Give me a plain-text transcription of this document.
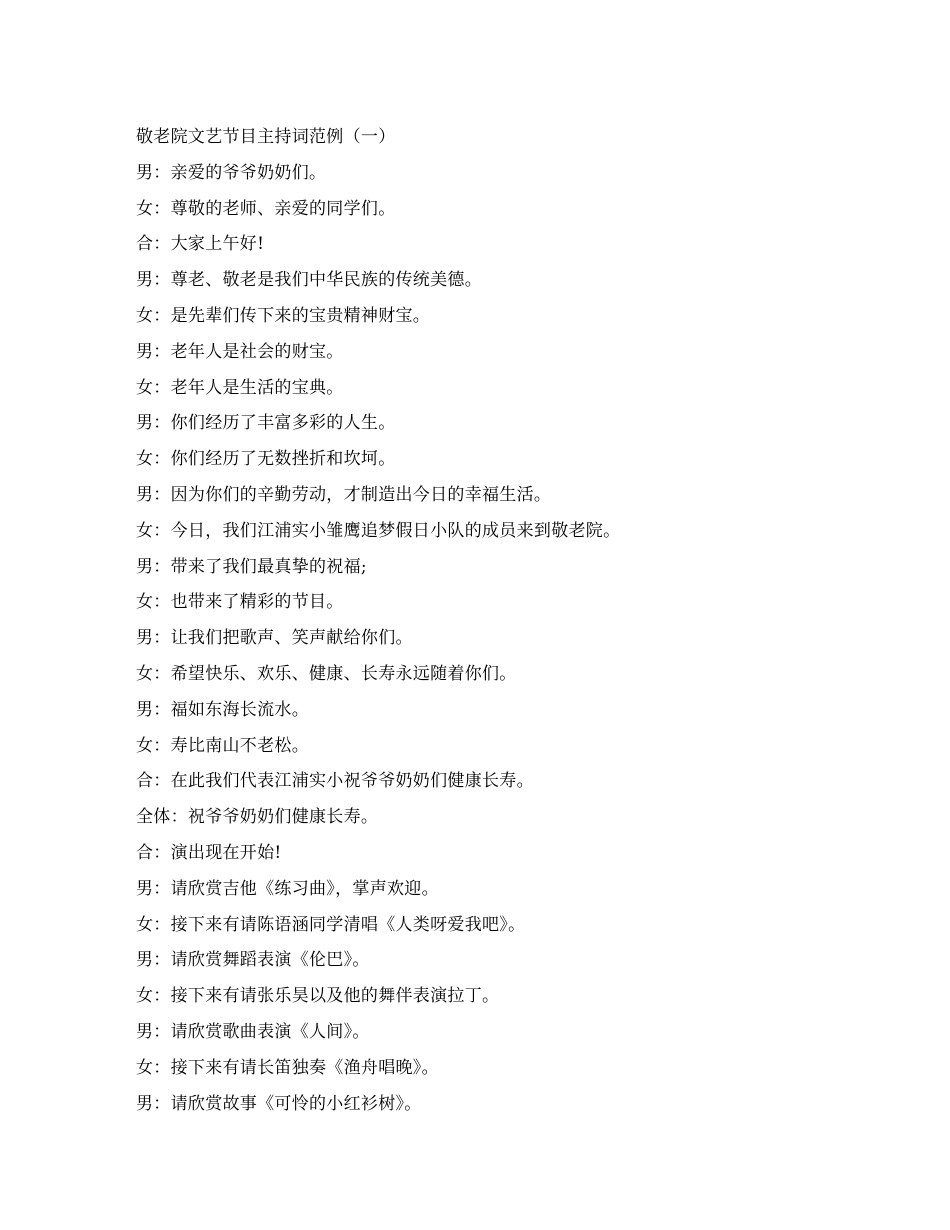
敬老院文艺节目主持词范例（一）
男：亲爱的爷爷奶奶们。
女：尊敬的老师、亲爱的同学们。
合：大家上午好!
男：尊老、敬老是我们中华民族的传统美德。
女：是先辈们传下来的宝贵精神财宝。
男：老年人是社会的财宝。
女：老年人是生活的宝典。
男：你们经历了丰富多彩的人生。
女：你们经历了无数挫折和坎坷。
男：因为你们的辛勤劳动，才制造出今日的幸福生活。
女：今日，我们江浦实小雏鹰追梦假日小队的成员来到敬老院。
男：带来了我们最真挚的祝福;
女：也带来了精彩的节目。
男：让我们把歌声、笑声献给你们。
女：希望快乐、欢乐、健康、长寿永远随着你们。
男：福如东海长流水。
女：寿比南山不老松。
合：在此我们代表江浦实小祝爷爷奶奶们健康长寿。
全体：祝爷爷奶奶们健康长寿。
合：演出现在开始!
男：请欣赏吉他《练习曲》，掌声欢迎。
女：接下来有请陈语涵同学清唱《人类呀爱我吧》。
男：请欣赏舞蹈表演《伦巴》。
女：接下来有请张乐昊以及他的舞伴表演拉丁。
男：请欣赏歌曲表演《人间》。
女：接下来有请长笛独奏《渔舟唱晚》。
男：请欣赏故事《可怜的小红衫树》。
